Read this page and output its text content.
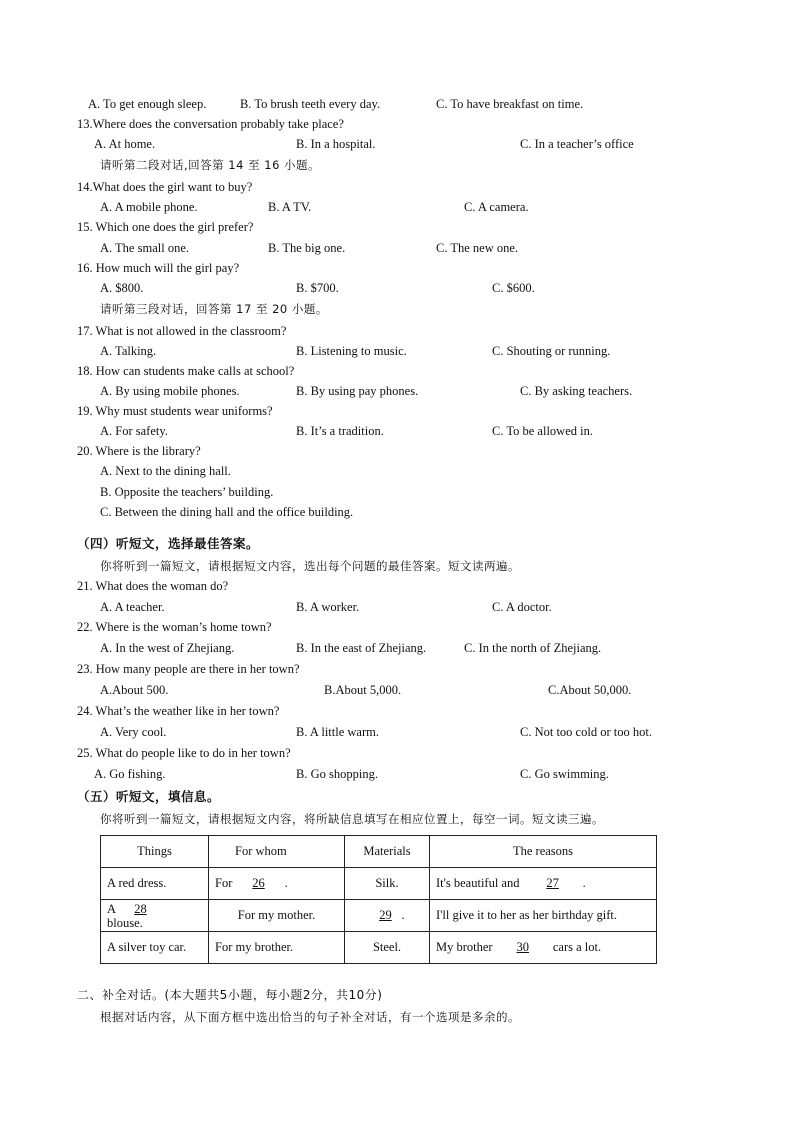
A. To get enough sleep.	B. To brush teeth every day.	C. To have breakfast on time.
13.Where does the conversation probably take place?
A. At home.	B. In a hospital.	C. In a teacher’s office
请听第二段对话,回答第 14 至 16 小题。
14.What does the girl want to buy?
A. A mobile phone.	B. A TV.	C. A camera.
15. Which one does the girl prefer?
A. The small one.	B. The big one.	C. The new one.
16. How much will the girl pay?
A. $800.	B. $700.	C. $600.
请听第三段对话，回答第 17 至 20 小题。
17. What is not allowed in the classroom?
A. Talking.	B. Listening to music.	C. Shouting or running.
18. How can students make calls at school?
A. By using mobile phones.	B. By using pay phones.	C. By asking teachers.
19. Why must students wear uniforms?
A. For safety.	B. It’s a tradition.	C. To be allowed in.
20. Where is the library?
A. Next to the dining hall.
B. Opposite the teachers’ building.
C. Between the dining hall and the office building.
（四）听短文，选择最佳答案。
你将听到一篇短文，请根据短文内容，选出每个问题的最佳答案。短文读两遍。
21. What does the woman do?
A. A teacher.	B. A worker.	C. A doctor.
22. Where is the woman’s home town?
A. In the west of Zhejiang.	B. In the east of Zhejiang.	C. In the north of Zhejiang.
23. How many people are there in her town?
A.About 500.	B.About 5,000.	C.About 50,000.
24. What’s the weather like in her town?
A. Very cool.	B. A little warm.	C. Not too cold or too hot.
25. What do people like to do in her town?
A. Go fishing.	B. Go shopping.	C. Go swimming.
（五）听短文，填信息。
你将听到一篇短文，请根据短文内容，将所缺信息填写在相应位置上，每空一词。短文读三遍。
Things	For whom	Materials	The reasons
A red dress.	For 26 .	Silk.	It's beautiful and 27 .
A 28
blouse.	For my mother.	29 .	I'll give it to her as her birthday gift.
A silver toy car.	For my brother.	Steel.	My brother 30 cars a lot.
二、补全对话。(本大题共5小题，每小题2分，共10分)
根据对话内容，从下面方框中选出恰当的句子补全对话，有一个选项是多余的。
